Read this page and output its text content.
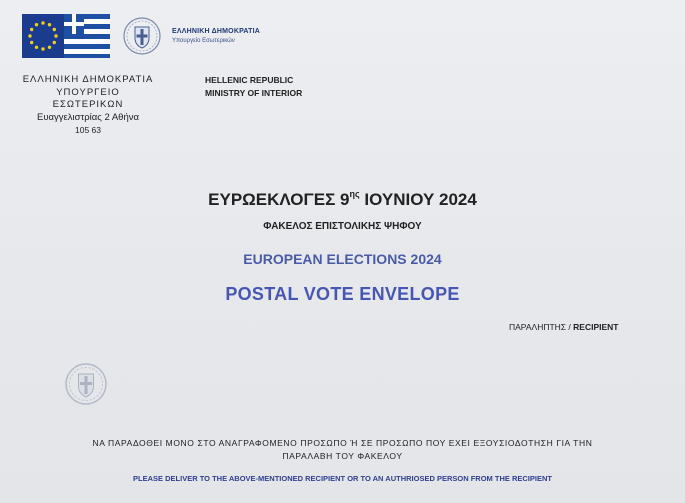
ΕΛΛΗΝΙΚΗ ΔΗΜΟΚΡΑΤΙΑ
Υπουργείο Εσωτερικών
ΕΛΛΗΝΙΚΗ ΔΗΜΟΚΡΑΤΙΑ
ΥΠΟΥΡΓΕΙΟ
ΕΣΩΤΕΡΙΚΩΝ
Ευαγγελιστρίας 2 Αθήνα
105 63
HELLENIC REPUBLIC
MINISTRY OF INTERIOR
ΕΥΡΩΕΚΛΟΓΕΣ $9^{\eta\varsigma}$ ΙΟΥΝΙΟΥ 2024
ΦΑΚΕΛΟΣ ΕΠΙΣΤΟΛΙΚΗΣ ΨΗΦΟΥ
EUROPEAN ELECTIONS 2024
POSTAL VOTE ENVELOPE
ΠΑΡΑΛΗΠΤΗΣ / RECIPIENT
ΝΑ ΠΑΡΑΔΟΘΕΙ ΜΟΝΟ ΣΤΟ ΑΝΑΓΡΑΦΟΜΕΝΟ ΠΡΟΣΩΠΟ Ή ΣΕ ΠΡΟΣΩΠΟ ΠΟΥ ΕΧΕΙ ΕΞΟΥΣΙΟΔΟΤΗΣΗ ΓΙΑ ΤΗΝ
ΠΑΡΑΛΑΒΗ ΤΟΥ ΦΑΚΕΛΟΥ
PLEASE DELIVER TO THE ABOVE-MENTIONED RECIPIENT OR TO AN AUTHRIOSED PERSON FROM THE RECIPIENT
